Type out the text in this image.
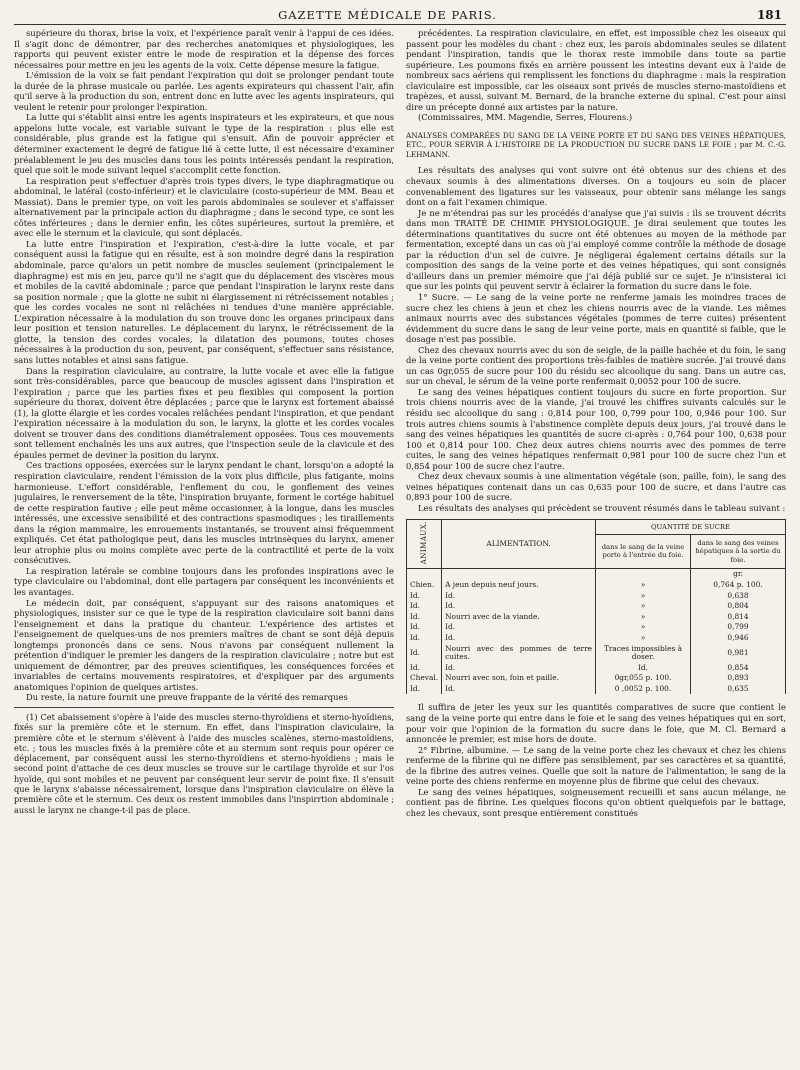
GAZETTE MÉDICALE DE PARIS.	181

supérieure du thorax, brise la voix, et l'expérience paraît venir à l'appui de ces idées. Il s'agit donc de démontrer, par des recherches anatomiques et physiologiques, les rapports qui peuvent exister entre le mode de respiration et la dépense des forces nécessaires pour mettre en jeu les agents de la voix. Cette dépense mesure la fatigue.

L'émission de la voix se fait pendant l'expiration qui doit se prolonger pendant toute la durée de la phrase musicale ou parlée. Les agents expirateurs qui chassent l'air, afin qu'il serve à la production du son, entrent donc en lutte avec les agents inspirateurs, qui veulent le retenir pour prolonger l'expiration.

La lutte qui s'établit ainsi entre les agents inspirateurs et les expirateurs, et que nous appelons lutte vocale, est variable suivant le type de la respiration : plus elle est considérable, plus grande est la fatigue qui s'ensuit. Afin de pouvoir apprécier et déterminer exactement le degré de fatigue lié à cette lutte, il est nécessaire d'examiner préalablement le jeu des muscles dans tous les points intéressés pendant la respiration, quel que soit le mode suivant lequel s'accomplit cette fonction.

La respiration peut s'effectuer d'après trois types divers, le type diaphragmatique ou abdominal, le latéral (costo-inférieur) et le claviculaire (costo-supérieur de MM. Beau et Massiat). Dans le premier type, on voit les parois abdominales se soulever et s'affaisser alternativement par la principale action du diaphragme ; dans le second type, ce sont les côtes inférieures ; dans le dernier enfin, les côtes supérieures, surtout la première, et avec elle le sternum et la clavicule, qui sont déplacés.

La lutte entre l'inspiration et l'expiration, c'est-à-dire la lutte vocale, et par conséquent aussi la fatigue qui en résulte, est à son moindre degré dans la respiration abdominale, parce qu'alors un petit nombre de muscles seulement (principalement le diaphragme) est mis en jeu, parce qu'il ne s'agit que du déplacement des viscères mous et mobiles de la cavité abdominale ; parce que pendant l'inspiration le larynx reste dans sa position normale ; que la glotte ne subit ni élargissement ni rétrécissement notables ; que les cordes vocales ne sont ni relâchées ni tendues d'une manière appréciable. L'expiration nécessaire à la modulation du son trouve donc les organes principaux dans leur position et tension naturelles. Le déplacement du larynx, le rétrécissement de la glotte, la tension des cordes vocales, la dilatation des poumons, toutes choses nécessaires à la production du son, peuvent, par conséquent, s'effectuer sans résistance, sans luttes notables et ainsi sans fatigue.

Dans la respiration claviculaire, au contraire, la lutte vocale et avec elle la fatigue sont très-considérables, parce que beaucoup de muscles agissent dans l'inspiration et l'expiration ; parce que les parties fixes et peu flexibles qui composent la portion supérieure du thorax, doivent être déplacées ; parce que le larynx est fortement abaissé (1), la glotte élargie et les cordes vocales relâchées pendant l'inspiration, et que pendant l'expiration nécessaire à la modulation du son, le larynx, la glotte et les cordes vocales doivent se trouver dans des conditions diamétralement opposées. Tous ces mouvements sont tellement enchaînés les uns aux autres, que l'inspection seule de la clavicule et des épaules permet de deviner la position du larynx.

Ces tractions opposées, exercées sur le larynx pendant le chant, lorsqu'on a adopté la respiration claviculaire, rendent l'émission de la voix plus difficile, plus fatigante, moins harmonieuse. L'effort considérable, l'enflement du cou, le gonflement des veines jugulaires, le renversement de la tête, l'inspiration bruyante, forment le cortége habituel de cette respiration fautive ; elle peut même occasionner, à la longue, dans les muscles intéressés, une excessive sensibilité et des contractions spasmodiques ; les tiraillements dans la région mammaire, les enrouements instantanés, se trouvent ainsi fréquemment expliqués. Cet état pathologique peut, dans les muscles intrinsèques du larynx, amener leur atrophie plus ou moins complète avec perte de la contractilité et perte de la voix consécutives.

La respiration latérale se combine toujours dans les profondes inspirations avec le type claviculaire ou l'abdominal, dont elle partagera par conséquent les inconvénients et les avantages.

Le médecin doit, par conséquent, s'appuyant sur des raisons anatomiques et physiologiques, insister sur ce que le type de la respiration claviculaire soit banni dans l'enseignement et dans la pratique du chanteur. L'expérience des artistes et l'enseignement de quelques-uns de nos premiers maîtres de chant se sont déjà depuis longtemps prononcés dans ce sens. Nous n'avons par conséquent nullement la prétention d'indiquer le premier les dangers de la respiration claviculaire ; notre but est uniquement de démontrer, par des preuves scientifiques, les conséquences forcées et invariables de certains mouvements respiratoires, et d'expliquer par des arguments anatomiques l'opinion de quelques artistes.

Du reste, la nature fournit une preuve frappante de la vérité des remarques

(1) Cet abaissement s'opère à l'aide des muscles sterno-thyroïdiens et sterno-hyoïdiens, fixés sur la première côte et le sternum. En effet, dans l'inspiration claviculaire, la première côte et le sternum s'élèvent à l'aide des muscles scalènes, sterno-mastoïdiens, etc. ; tous les muscles fixés à la première côte et au sternum sont requis pour opérer ce déplacement, par conséquent aussi les sterno-thyroïdiens et sterno-hyoïdiens ; mais le second point d'attache de ces deux muscles se trouve sur le cartilage thyroïde et sur l'os hyoïde, qui sont mobiles et ne peuvent par conséquent leur servir de point fixe. Il s'ensuit que le larynx s'abaisse nécessairement, lorsque dans l'inspiration claviculaire on élève la première côte et le sternum. Ces deux os restent immobiles dans l'inspirrtion abdominale ; aussi le larynx ne change-t-il pas de place.

précédentes. La respiration claviculaire, en effet, est impossible chez les oiseaux qui passent pour les modèles du chant : chez eux, les parois abdominales seules se dilatent pendant l'inspiration, tandis que le thorax reste immobile dans toute sa partie supérieure. Les poumons fixés en arrière poussent les intestins devant eux à l'aide de nombreux sacs aériens qui remplissent les fonctions du diaphragme : mais la respiration claviculaire est impossible, car les oiseaux sont privés de muscles sterno-mastoïdiens et trapèzes, et aussi, suivant M. Bernard, de la branche externe du spinal. C'est pour ainsi dire un précepte donné aux artistes par la nature.

(Commissaires, MM. Magendie, Serres, Flourens.)

ANALYSES COMPARÉES DU SANG DE LA VEINE PORTE ET DU SANG DES VEINES HÉPATIQUES, ETC., POUR SERVIR À L'HISTOIRE DE LA PRODUCTION DU SUCRE DANS LE FOIE ; par M. C.-G. LEHMANN.

Les résultats des analyses qui vont suivre ont été obtenus sur des chiens et des chevaux soumis à des alimentations diverses. On a toujours eu soin de placer convenablement des ligatures sur les vaisseaux, pour obtenir sans mélange les sangs dont on a fait l'examen chimique.

Je ne m'étendrai pas sur les procédés d'analyse que j'ai suivis : ils se trouvent décrits dans mon TRAITÉ DE CHIMIE PHYSIOLOGIQUE. Je dirai seulement que toutes les déterminations quantitatives du sucre ont été obtenues au moyen de la méthode par fermentation, excepté dans un cas où j'ai employé comme contrôle la méthode de dosage par la réduction d'un sel de cuivre. Je négligerai également certains détails sur la composition des sangs de la veine porte et des veines hépatiques, qui sont consignés d'ailleurs dans un premier mémoire que j'ai déjà publié sur ce sujet. Je n'insisterai ici que sur les points qui peuvent servir à éclairer la formation du sucre dans le foie.

1° Sucre. — Le sang de la veine porte ne renferme jamais les moindres traces de sucre chez les chiens à jeun et chez les chiens nourris avec de la viande. Les mêmes animaux nourris avec des substances végétales (pommes de terre cuites) présentent évidemment du sucre dans le sang de leur veine porte, mais en quantité si faible, que le dosage n'est pas possible.

Chez des chevaux nourris avec du son de seigle, de la paille hachée et du foin, le sang de la veine porte contient des proportions très-faibles de matière sucrée. J'ai trouvé dans un cas 0gr,055 de sucre pour 100 du résidu sec alcoolique du sang. Dans un autre cas, sur un cheval, le sérum de la veine porte renfermait 0,0052 pour 100 de sucre.

Le sang des veines hépatiques contient toujours du sucre en forte proportion. Sur trois chiens nourris avec de la viande, j'ai trouvé les chiffres suivants calculés sur le résidu sec alcoolique du sang : 0,814 pour 100, 0,799 pour 100, 0,946 pour 100. Sur trois autres chiens soumis à l'abstinence complète depuis deux jours, j'ai trouvé dans le sang des veines hépatiques les quantités de sucre ci-après : 0,764 pour 100, 0,638 pour 100 et 0,814 pour 100. Chez deux autres chiens nourris avec des pommes de terre cuites, le sang des veines hépatiques renfermait 0,981 pour 100 de sucre chez l'un et 0,854 pour 100 de sucre chez l'autre.

Chez deux chevaux soumis à une alimentation végétale (son, paille, foin), le sang des veines hépatiques contenait dans un cas 0,635 pour 100 de sucre, et dans l'autre cas 0,893 pour 100 de sucre.

Les résultats des analyses qui précèdent se trouvent résumés dans le tableau suivant :

ANIMAUX.	ALIMENTATION.	QUANTITÉ DE SUCRE	
		dans le sang de la veine porte à l'entrée du foie.	dans le sang des veines hépatiques à la sortie du foie.
			gr.
Chien.	A jeun depuis neuf jours.	»	0,764 p. 100.
Id.	Id.	»	0,638
Id.	Id.	»	0,804
Id.	Nourri avec de la viande.	»	0,814
Id.	Id.	»	0,799
Id.	Id.	»	0,946
Id.	Nourri avec des pommes de terre cuites.	Traces impossibles à doser.	0,981
Id.	Id.	Id.	0,854
Cheval.	Nourri avec son, foin et paille.	0gr,055 p. 100.	0,893
Id.	Id.	0 ,0052 p. 100.	0,635

Il suffira de jeter les yeux sur les quantités comparatives de sucre que contient le sang de la veine porte qui entre dans le foie et le sang des veines hépatiques qui en sort, pour voir que l'opinion de la formation du sucre dans le foie, que M. Cl. Bernard a annoncée le premier, est mise hors de doute.

2° Fibrine, albumine. — Le sang de la veine porte chez les chevaux et chez les chiens renferme de la fibrine qui ne diffère pas sensiblement, par ses caractères et sa quantité, de la fibrine des autres veines. Quelle que soit la nature de l'alimentation, le sang de la veine porte des chiens renferme en moyenne plus de fibrine que celui des chevaux.

Le sang des veines hépatiques, soigneusement recueilli et sans aucun mélange, ne contient pas de fibrine. Les quelques flocons qu'on obtient quelquefois par le battage, chez les chevaux, sont presque entièrement constitués
